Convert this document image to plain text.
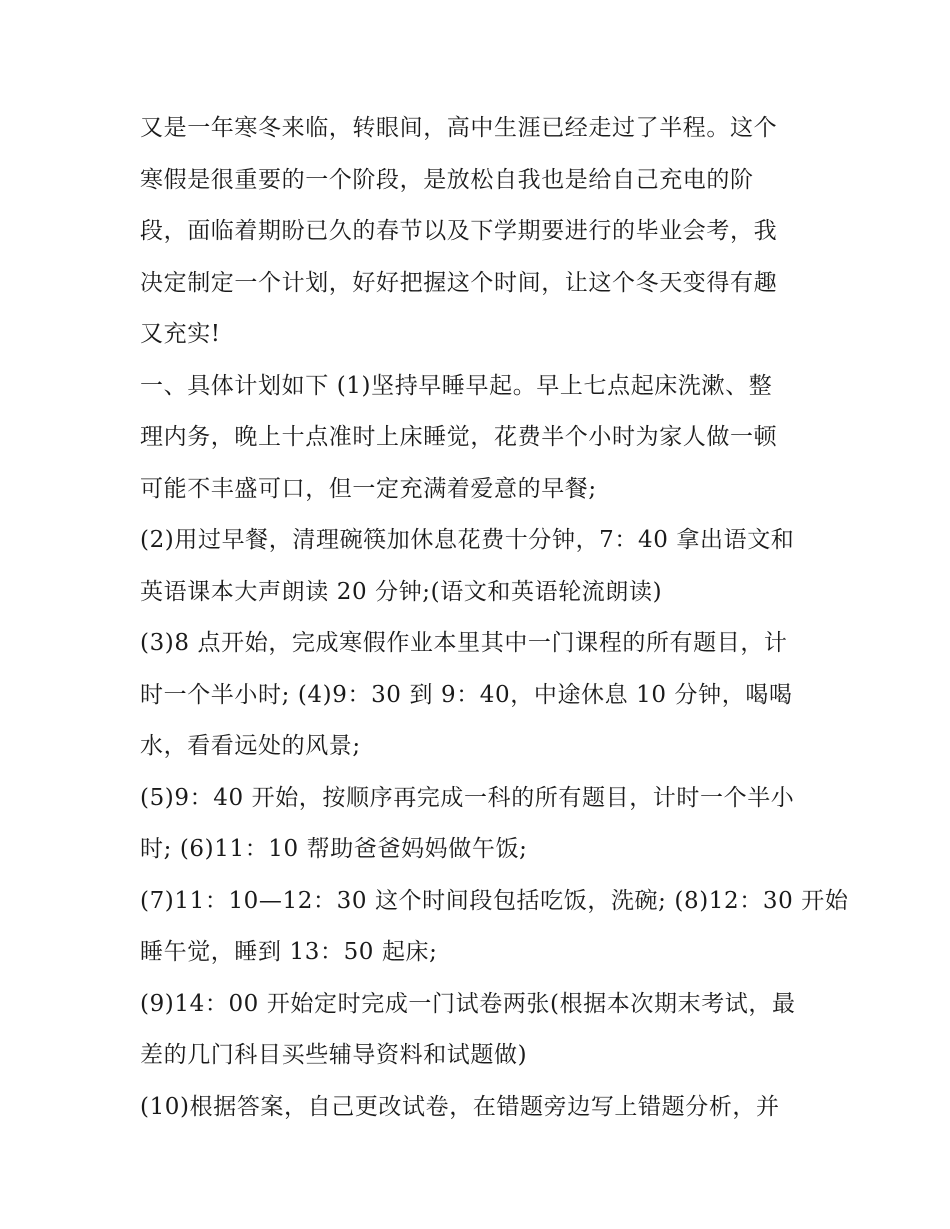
又是一年寒冬来临，转眼间，高中生涯已经走过了半程。这个
寒假是很重要的一个阶段，是放松自我也是给自己充电的阶
段，面临着期盼已久的春节以及下学期要进行的毕业会考，我
决定制定一个计划，好好把握这个时间，让这个冬天变得有趣
又充实!
一、具体计划如下 (1)坚持早睡早起。早上七点起床洗漱、整
理内务，晚上十点准时上床睡觉，花费半个小时为家人做一顿
可能不丰盛可口，但一定充满着爱意的早餐;
(2)用过早餐，清理碗筷加休息花费十分钟，7：40 拿出语文和
英语课本大声朗读 20 分钟;(语文和英语轮流朗读)
(3)8 点开始，完成寒假作业本里其中一门课程的所有题目，计
时一个半小时; (4)9：30 到 9：40，中途休息 10 分钟，喝喝
水，看看远处的风景;
(5)9：40 开始，按顺序再完成一科的所有题目，计时一个半小
时; (6)11：10 帮助爸爸妈妈做午饭;
(7)11：10—12：30 这个时间段包括吃饭，洗碗; (8)12：30 开始
睡午觉，睡到 13：50 起床;
(9)14：00 开始定时完成一门试卷两张(根据本次期末考试，最
差的几门科目买些辅导资料和试题做)
(10)根据答案，自己更改试卷，在错题旁边写上错题分析，并
